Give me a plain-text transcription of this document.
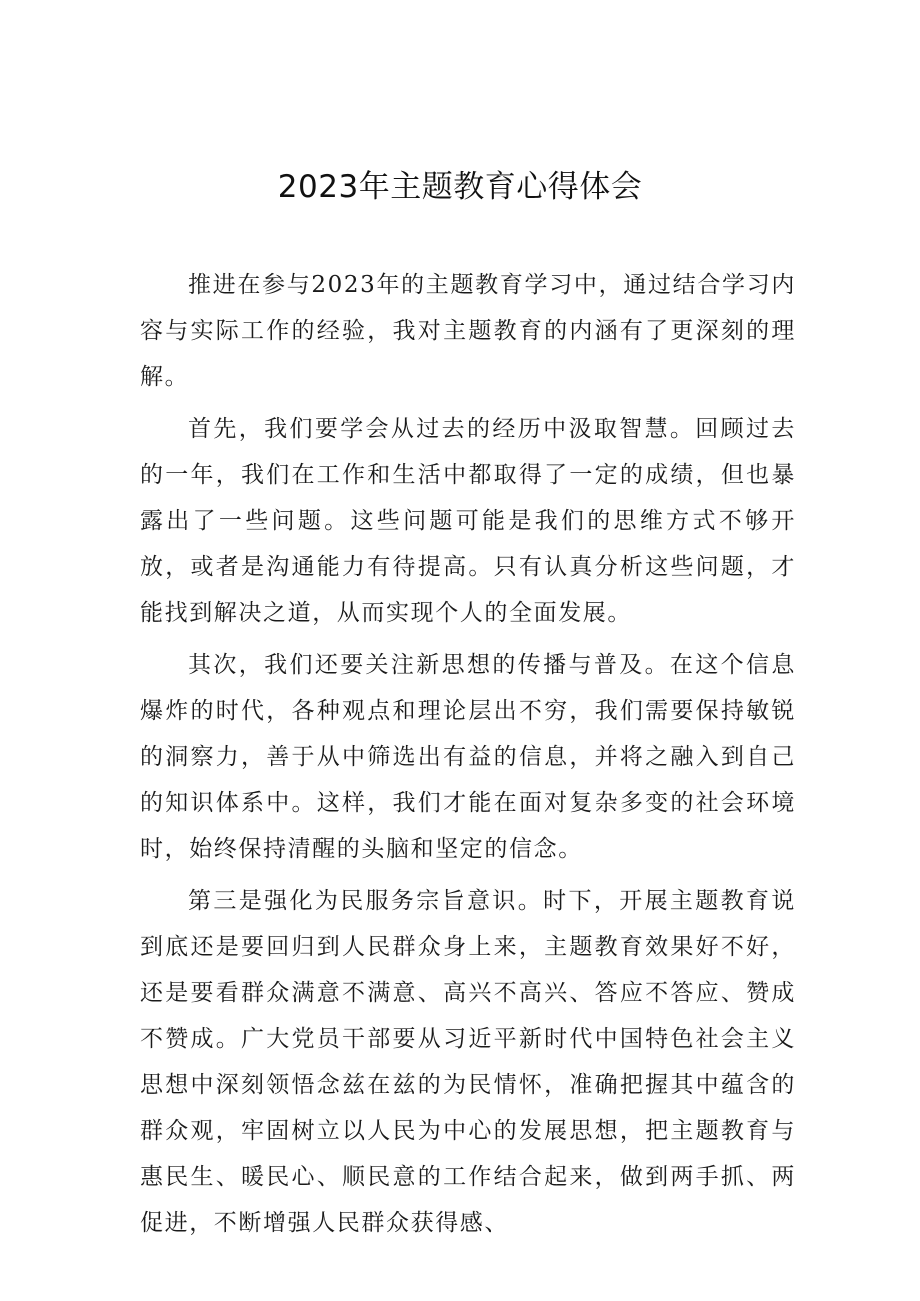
2023年主题教育心得体会

推进在参与2023年的主题教育学习中，通过结合学习内容与实际工作的经验，我对主题教育的内涵有了更深刻的理解。

首先，我们要学会从过去的经历中汲取智慧。回顾过去的一年，我们在工作和生活中都取得了一定的成绩，但也暴露出了一些问题。这些问题可能是我们的思维方式不够开放，或者是沟通能力有待提高。只有认真分析这些问题，才能找到解决之道，从而实现个人的全面发展。

其次，我们还要关注新思想的传播与普及。在这个信息爆炸的时代，各种观点和理论层出不穷，我们需要保持敏锐的洞察力，善于从中筛选出有益的信息，并将之融入到自己的知识体系中。这样，我们才能在面对复杂多变的社会环境时，始终保持清醒的头脑和坚定的信念。

第三是强化为民服务宗旨意识。时下，开展主题教育说到底还是要回归到人民群众身上来，主题教育效果好不好，还是要看群众满意不满意、高兴不高兴、答应不答应、赞成不赞成。广大党员干部要从习近平新时代中国特色社会主义思想中深刻领悟念兹在兹的为民情怀，准确把握其中蕴含的群众观，牢固树立以人民为中心的发展思想，把主题教育与惠民生、暖民心、顺民意的工作结合起来，做到两手抓、两促进，不断增强人民群众获得感、
